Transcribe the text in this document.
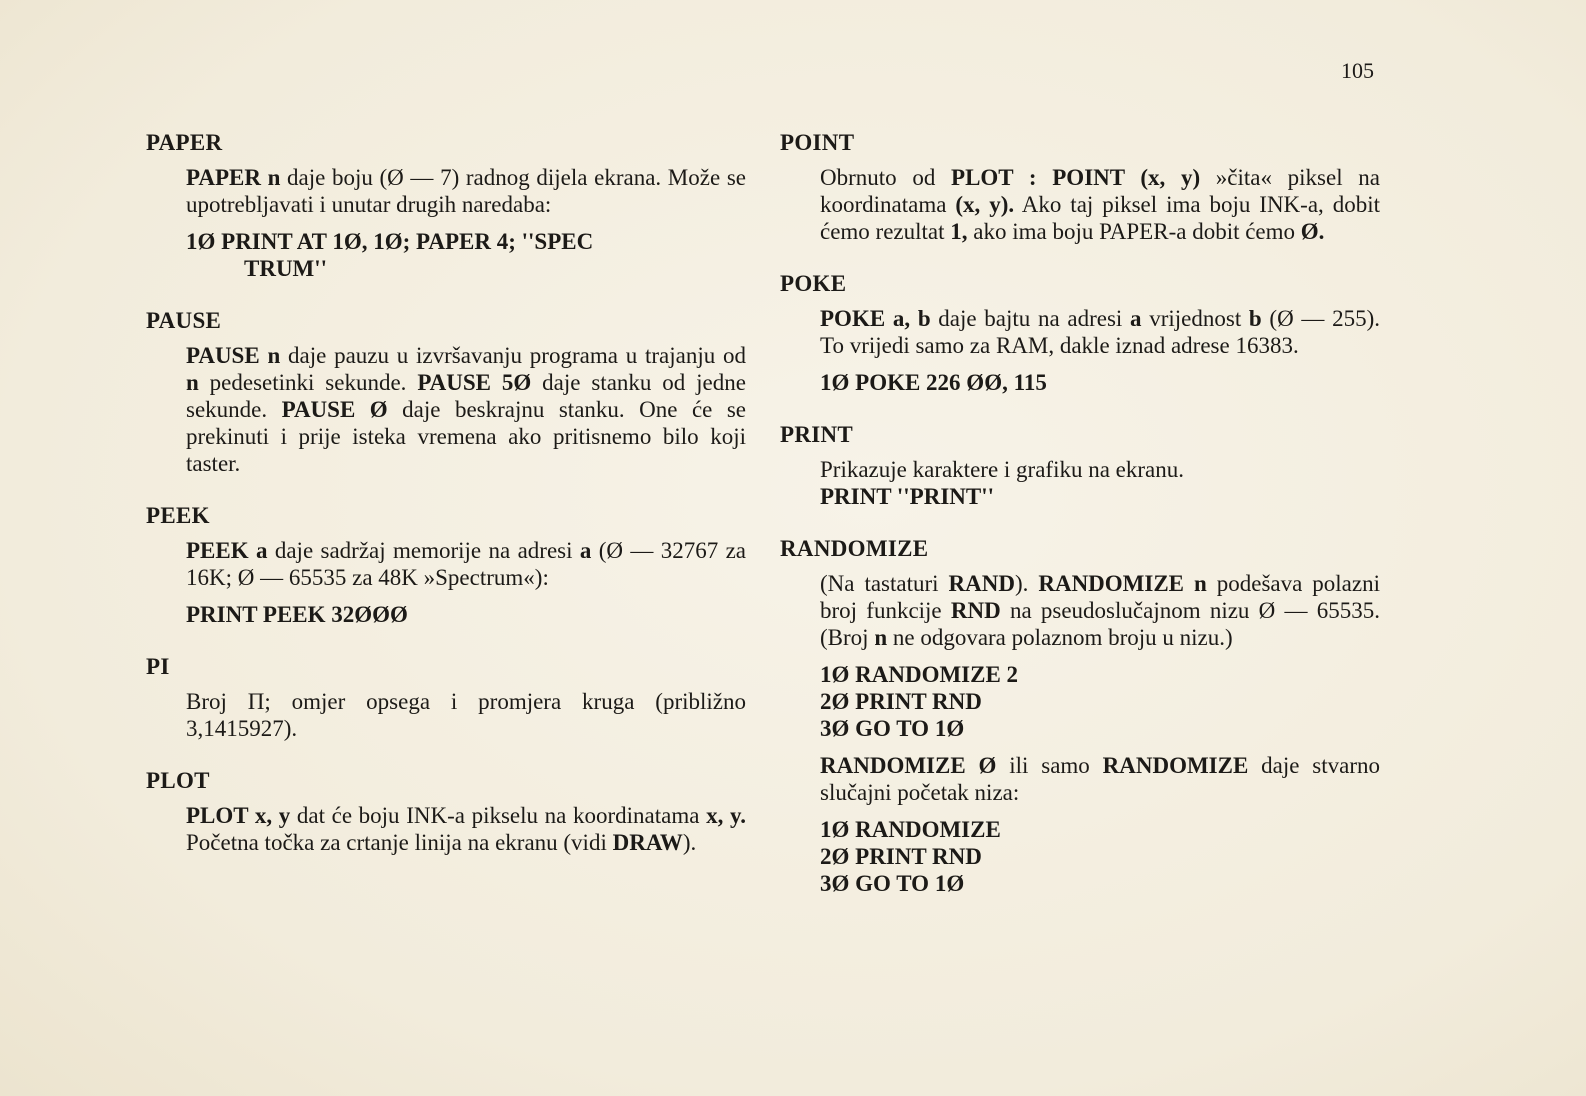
105
PAPER
PAPER n daje boju (Ø — 7) radnog dijela ekrana. Može se upotrebljavati i unutar drugih naredaba:
1Ø PRINT AT 1Ø, 1Ø; PAPER 4; ''SPEC
TRUM''
PAUSE
PAUSE n daje pauzu u izvršavanju programa u trajanju od n pedesetinki sekunde. PAUSE 5Ø daje stanku od jedne sekunde. PAUSE Ø daje beskrajnu stanku. One će se prekinuti i prije isteka vremena ako pritisnemo bilo koji taster.
PEEK
PEEK a daje sadržaj memorije na adresi a (Ø — 32767 za 16K; Ø — 65535 za 48K »Spectrum«):
PRINT PEEK 32ØØØ
PI
Broj Π; omjer opsega i promjera kruga (približno 3,1415927).
PLOT
PLOT x, y dat će boju INK-a pikselu na koordinatama x, y. Početna točka za crtanje linija na ekranu (vidi DRAW).
POINT
Obrnuto od PLOT : POINT (x, y) »čita« piksel na koordinatama (x, y). Ako taj piksel ima boju INK-a, dobit ćemo rezultat 1, ako ima boju PAPER-a dobit ćemo Ø.
POKE
POKE a, b daje bajtu na adresi a vrijednost b (Ø — 255). To vrijedi samo za RAM, dakle iznad adrese 16383.
1Ø POKE 226 ØØ, 115
PRINT
Prikazuje karaktere i grafiku na ekranu.
PRINT ''PRINT''
RANDOMIZE
(Na tastaturi RAND). RANDOMIZE n podešava polazni broj funkcije RND na pseudoslučajnom nizu Ø — 65535. (Broj n ne odgovara polaznom broju u nizu.)
1Ø RANDOMIZE 2
2Ø PRINT RND
3Ø GO TO 1Ø
RANDOMIZE Ø ili samo RANDOMIZE daje stvarno slučajni početak niza:
1Ø RANDOMIZE
2Ø PRINT RND
3Ø GO TO 1Ø
